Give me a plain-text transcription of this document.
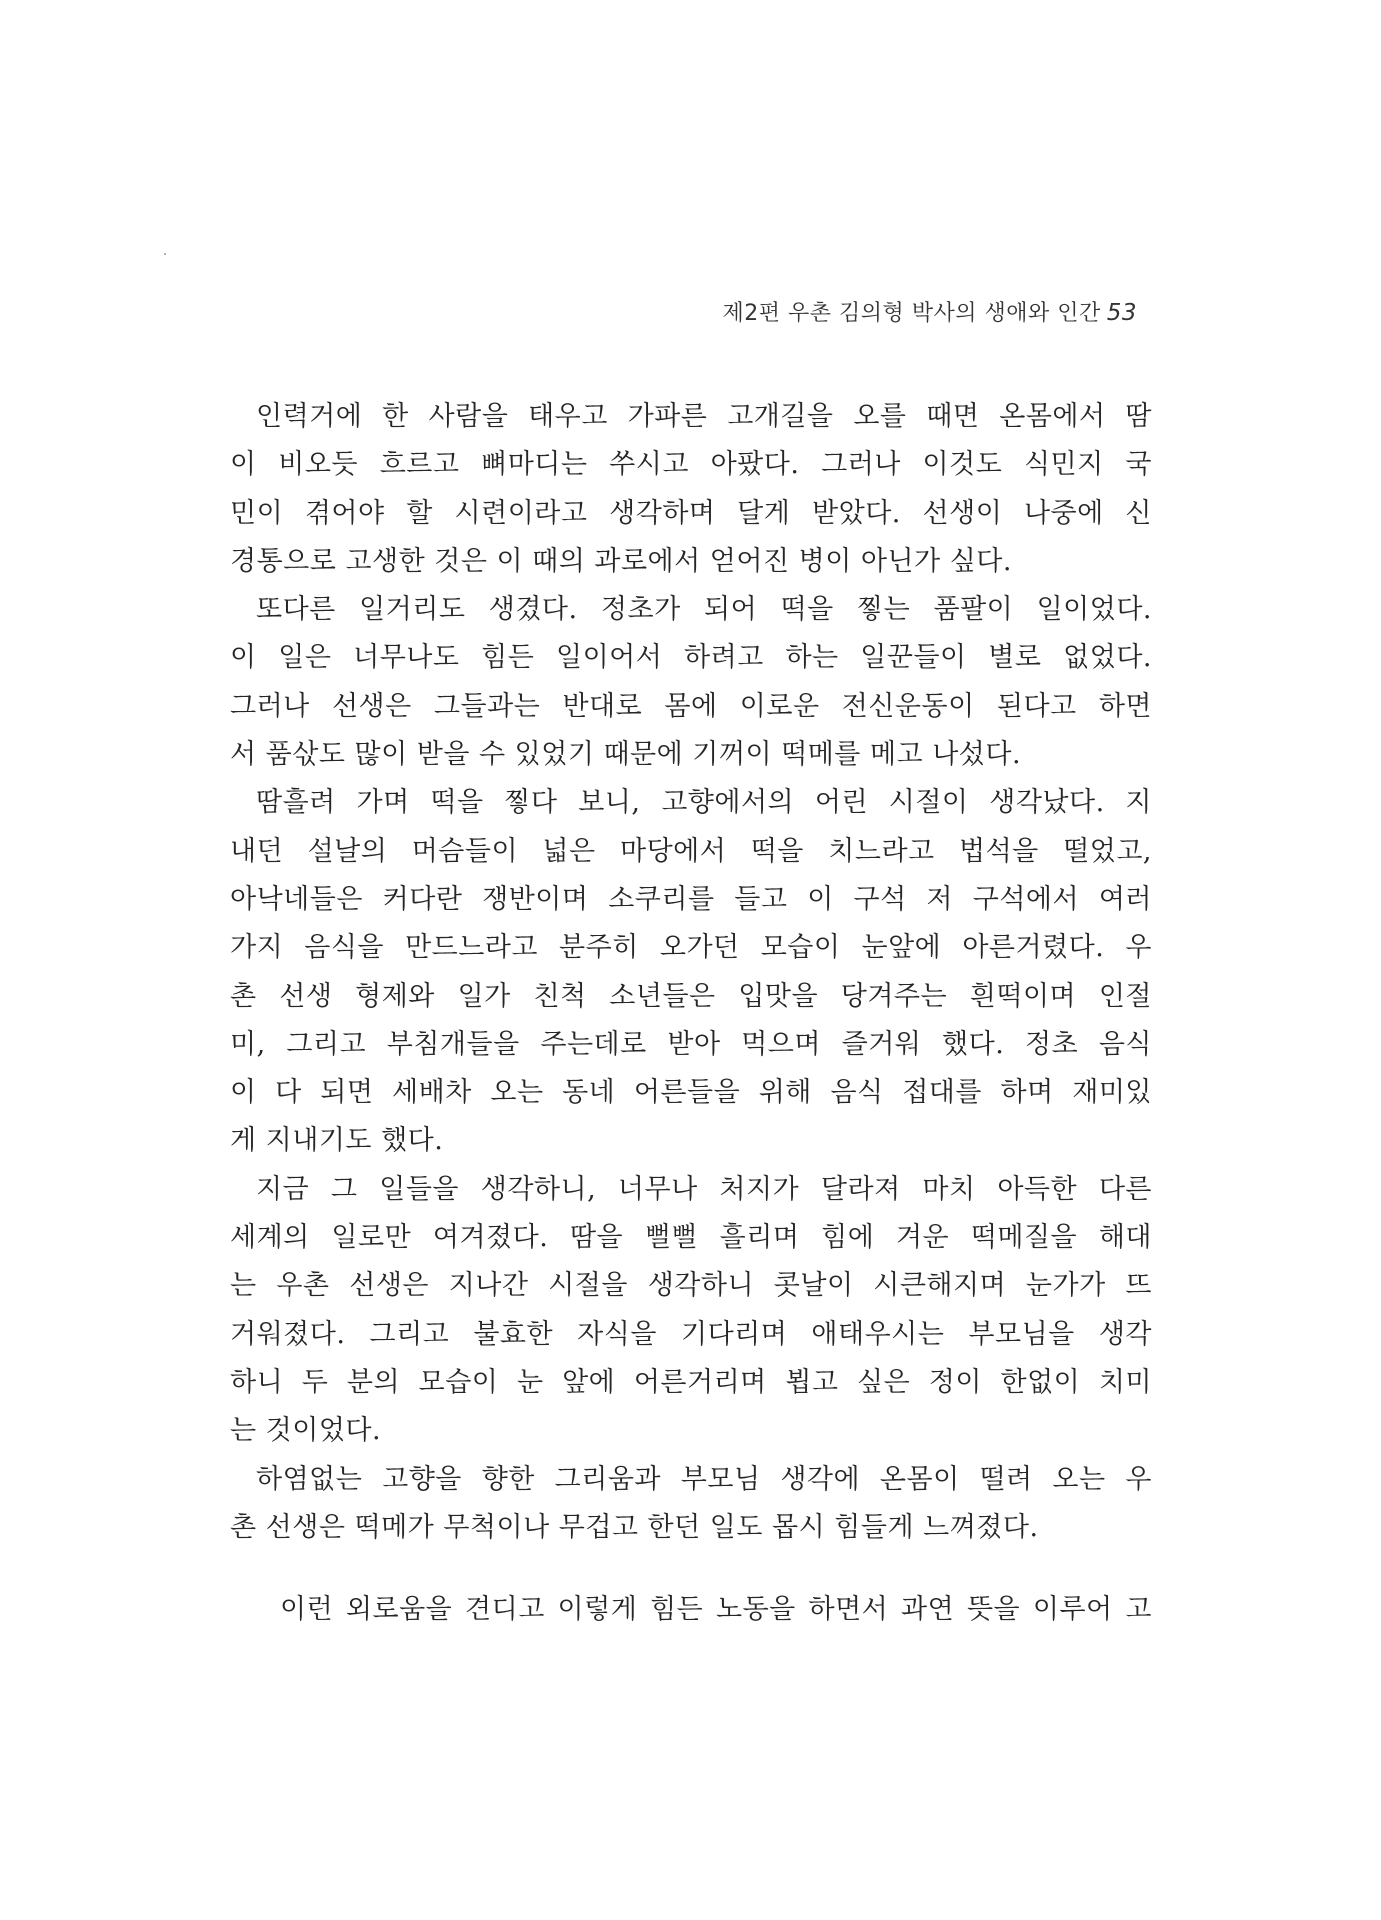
제2편 우촌 김의형 박사의 생애와 인간 53
인력거에 한 사람을 태우고 가파른 고개길을 오를 때면 온몸에서 땀
이 비오듯 흐르고 뼈마디는 쑤시고 아팠다. 그러나 이것도 식민지 국
민이 겪어야 할 시련이라고 생각하며 달게 받았다. 선생이 나중에 신
경통으로 고생한 것은 이 때의 과로에서 얻어진 병이 아닌가 싶다.
또다른 일거리도 생겼다. 정초가 되어 떡을 찧는 품팔이 일이었다.
이 일은 너무나도 힘든 일이어서 하려고 하는 일꾼들이 별로 없었다.
그러나 선생은 그들과는 반대로 몸에 이로운 전신운동이 된다고 하면
서 품삯도 많이 받을 수 있었기 때문에 기꺼이 떡메를 메고 나섰다.
땀흘려 가며 떡을 찧다 보니, 고향에서의 어린 시절이 생각났다. 지
내던 설날의 머슴들이 넓은 마당에서 떡을 치느라고 법석을 떨었고,
아낙네들은 커다란 쟁반이며 소쿠리를 들고 이 구석 저 구석에서 여러
가지 음식을 만드느라고 분주히 오가던 모습이 눈앞에 아른거렸다. 우
촌 선생 형제와 일가 친척 소년들은 입맛을 당겨주는 흰떡이며 인절
미, 그리고 부침개들을 주는데로 받아 먹으며 즐거워 했다. 정초 음식
이 다 되면 세배차 오는 동네 어른들을 위해 음식 접대를 하며 재미있
게 지내기도 했다.
지금 그 일들을 생각하니, 너무나 처지가 달라져 마치 아득한 다른
세계의 일로만 여겨졌다. 땀을 뻘뻘 흘리며 힘에 겨운 떡메질을 해대
는 우촌 선생은 지나간 시절을 생각하니 콧날이 시큰해지며 눈가가 뜨
거워졌다. 그리고 불효한 자식을 기다리며 애태우시는 부모님을 생각
하니 두 분의 모습이 눈 앞에 어른거리며 뵙고 싶은 정이 한없이 치미
는 것이었다.
하염없는 고향을 향한 그리움과 부모님 생각에 온몸이 떨려 오는 우
촌 선생은 떡메가 무척이나 무겁고 한던 일도 몹시 힘들게 느껴졌다.
이런 외로움을 견디고 이렇게 힘든 노동을 하면서 과연 뜻을 이루어 고
